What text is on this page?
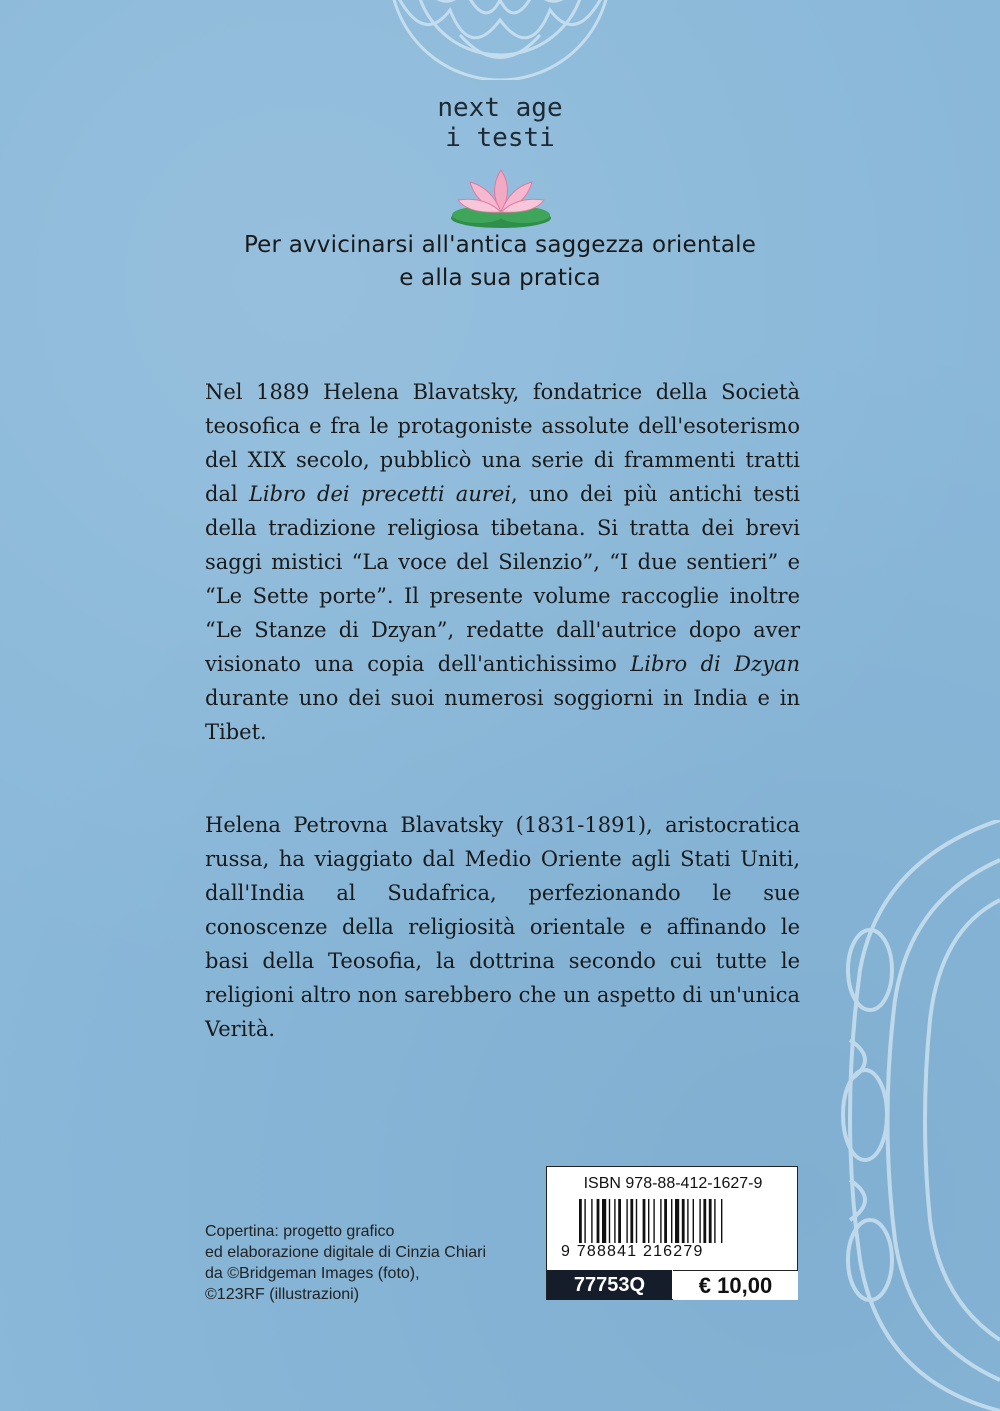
next age
i testi
Per avvicinarsi all'antica saggezza orientale
e alla sua pratica
Nel 1889 Helena Blavatsky, fondatrice della Società teosofica e fra le protagoniste assolute dell'esoterismo del XIX secolo, pubblicò una serie di frammenti tratti dal Libro dei precetti aurei, uno dei più antichi testi della tradizione religiosa tibetana. Si tratta dei brevi saggi mistici “La voce del Silenzio”, “I due sentieri” e “Le Sette porte”. Il presente volume raccoglie inoltre “Le Stanze di Dzyan”, redatte dall'autrice dopo aver visionato una copia dell'antichissimo Libro di Dzyan durante uno dei suoi numerosi soggiorni in India e in Tibet.
Helena Petrovna Blavatsky (1831-1891), aristocratica russa, ha viaggiato dal Medio Oriente agli Stati Uniti, dall'India al Sudafrica, perfezionando le sue conoscenze della religiosità orientale e affinando le basi della Teosofia, la dottrina secondo cui tutte le religioni altro non sarebbero che un aspetto di un'unica Verità.
Copertina: progetto grafico
ed elaborazione digitale di Cinzia Chiari
da ©Bridgeman Images (foto),
©123RF (illustrazioni)
ISBN 978-88-412-1627-9
9 788841 216279
77753Q	€ 10,00
